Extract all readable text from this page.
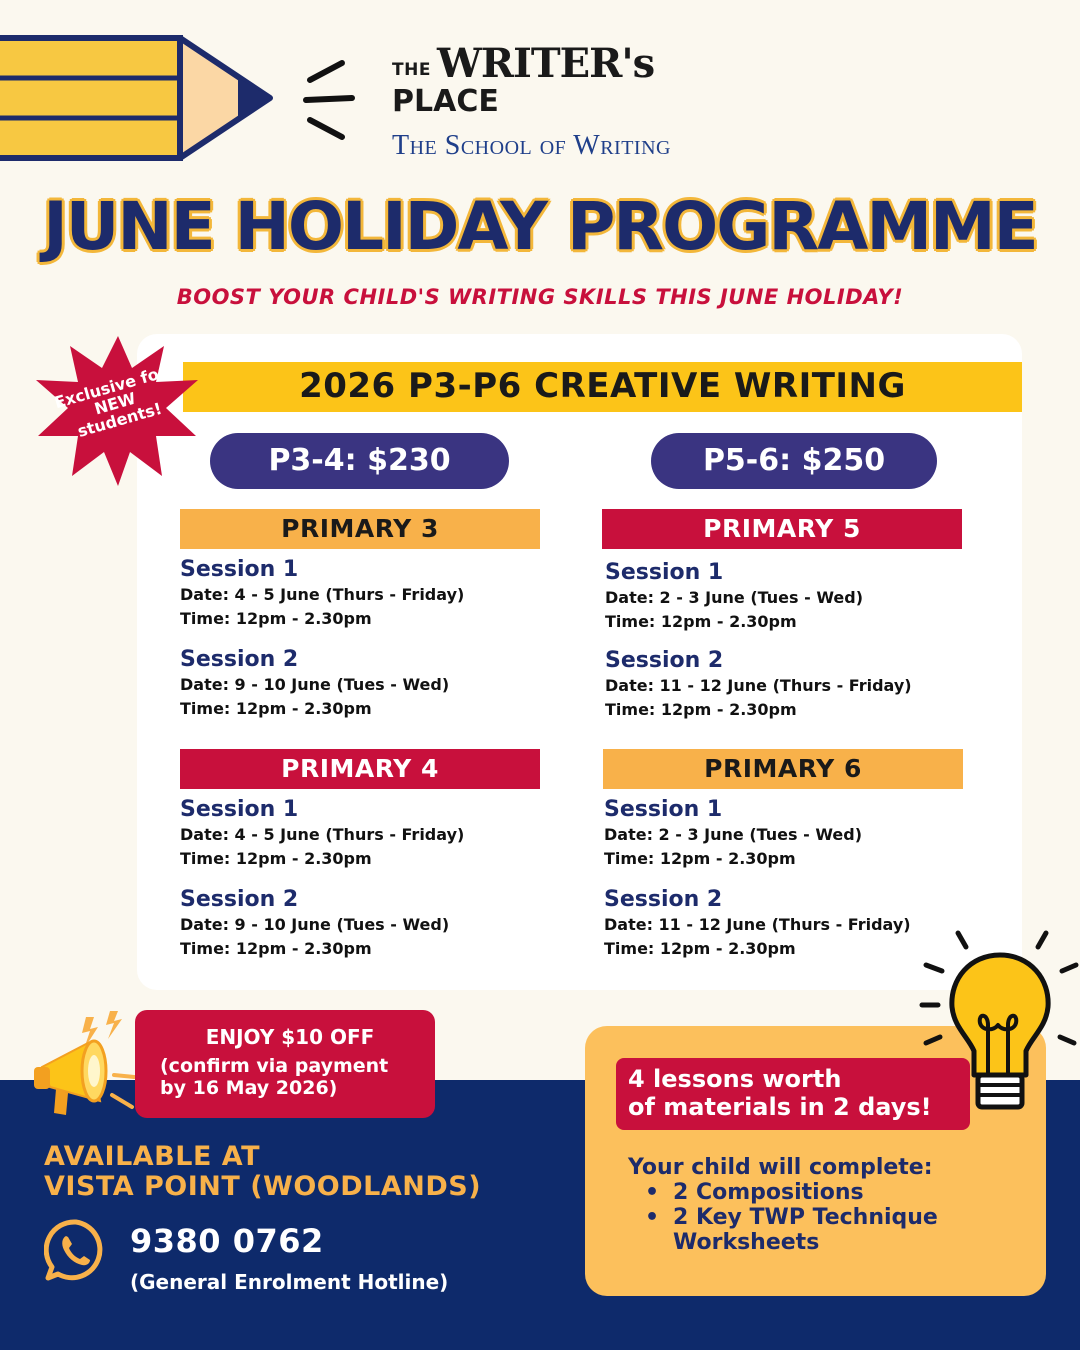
THE WRITER's
PLACE
The School of Writing
JUNE HOLIDAY PROGRAMME
BOOST YOUR CHILD'S WRITING SKILLS THIS JUNE HOLIDAY!
2026 P3-P6 CREATIVE WRITING
Exclusive for NEW students!
P3-4: $230	P5-6: $250
PRIMARY 3
Session 1
Date: 4 - 5 June (Thurs - Friday)
Time: 12pm - 2.30pm
Session 2
Date: 9 - 10 June (Tues - Wed)
Time: 12pm - 2.30pm
PRIMARY 5
Session 1
Date: 2 - 3 June (Tues - Wed)
Time: 12pm - 2.30pm
Session 2
Date: 11 - 12 June (Thurs - Friday)
Time: 12pm - 2.30pm
PRIMARY 4
Session 1
Date: 4 - 5 June (Thurs - Friday)
Time: 12pm - 2.30pm
Session 2
Date: 9 - 10 June (Tues - Wed)
Time: 12pm - 2.30pm
PRIMARY 6
Session 1
Date: 2 - 3 June (Tues - Wed)
Time: 12pm - 2.30pm
Session 2
Date: 11 - 12 June (Thurs - Friday)
Time: 12pm - 2.30pm
ENJOY $10 OFF
(confirm via payment
by 16 May 2026)
AVAILABLE AT
VISTA POINT (WOODLANDS)
9380 0762
(General Enrolment Hotline)
4 lessons worth
of materials in 2 days!
Your child will complete:
• 2 Compositions
• 2 Key TWP Technique Worksheets
